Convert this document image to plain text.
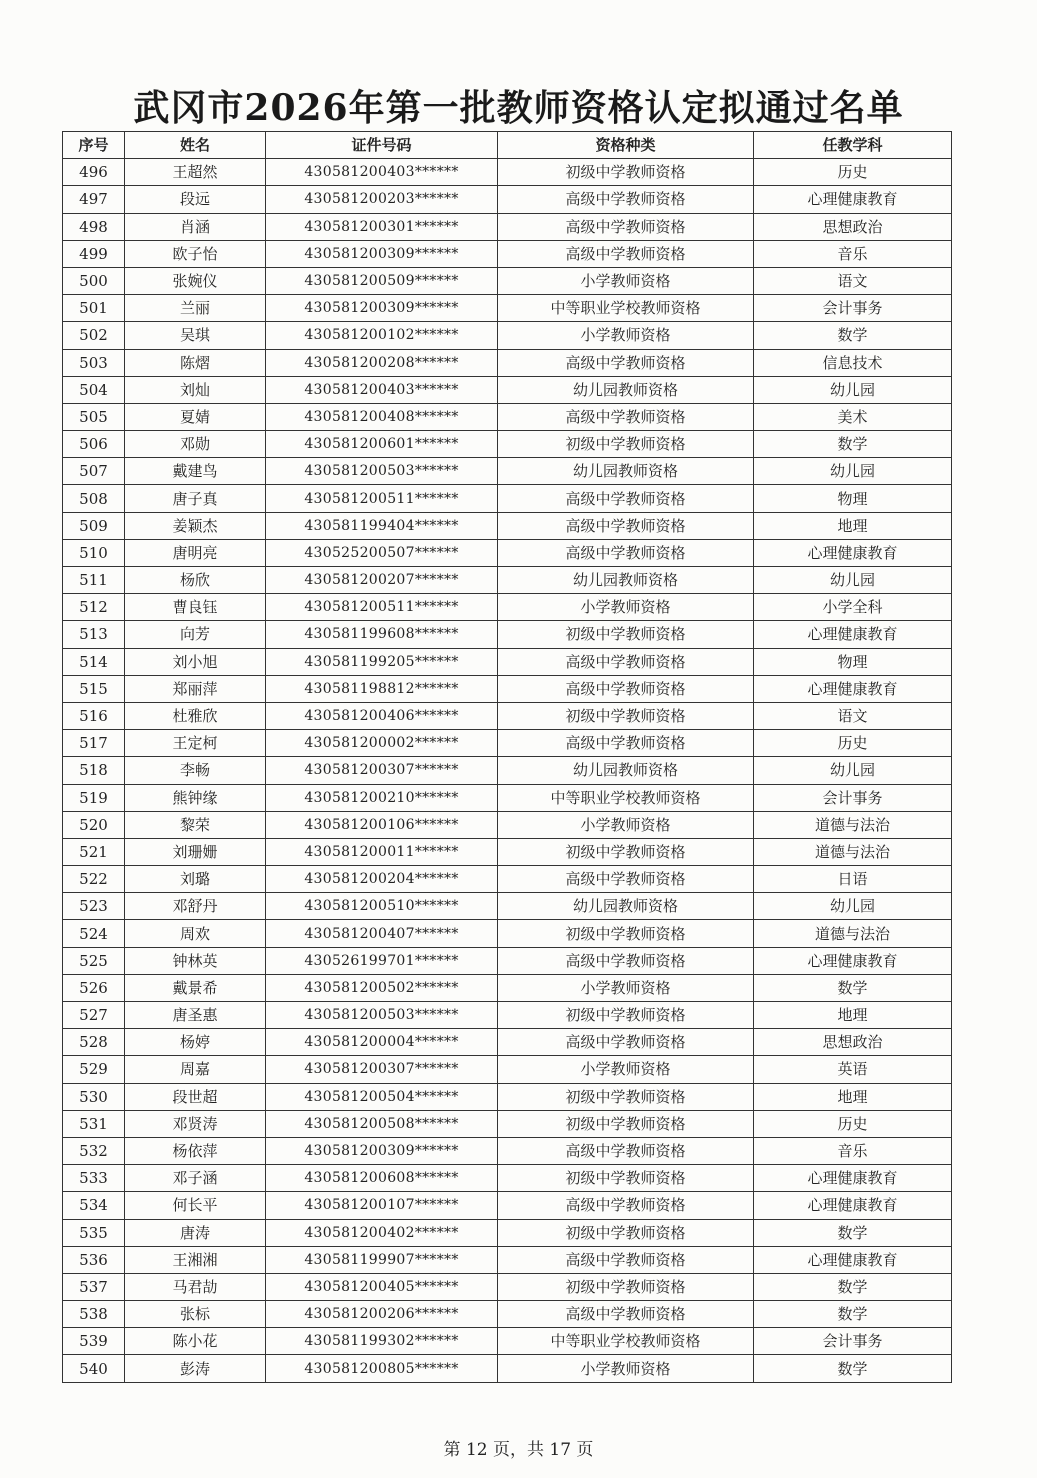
武冈市2026年第一批教师资格认定拟通过名单
序号	姓名	证件号码	资格种类	任教学科
496	王超然	430581200403******	初级中学教师资格	历史
497	段远	430581200203******	高级中学教师资格	心理健康教育
498	肖涵	430581200301******	高级中学教师资格	思想政治
499	欧子怡	430581200309******	高级中学教师资格	音乐
500	张婉仪	430581200509******	小学教师资格	语文
501	兰丽	430581200309******	中等职业学校教师资格	会计事务
502	吴琪	430581200102******	小学教师资格	数学
503	陈熠	430581200208******	高级中学教师资格	信息技术
504	刘灿	430581200403******	幼儿园教师资格	幼儿园
505	夏婧	430581200408******	高级中学教师资格	美术
506	邓勋	430581200601******	初级中学教师资格	数学
507	戴建鸟	430581200503******	幼儿园教师资格	幼儿园
508	唐子真	430581200511******	高级中学教师资格	物理
509	姜颖杰	430581199404******	高级中学教师资格	地理
510	唐明亮	430525200507******	高级中学教师资格	心理健康教育
511	杨欣	430581200207******	幼儿园教师资格	幼儿园
512	曹良钰	430581200511******	小学教师资格	小学全科
513	向芳	430581199608******	初级中学教师资格	心理健康教育
514	刘小旭	430581199205******	高级中学教师资格	物理
515	郑丽萍	430581198812******	高级中学教师资格	心理健康教育
516	杜雅欣	430581200406******	初级中学教师资格	语文
517	王定柯	430581200002******	高级中学教师资格	历史
518	李畅	430581200307******	幼儿园教师资格	幼儿园
519	熊钟缘	430581200210******	中等职业学校教师资格	会计事务
520	黎荣	430581200106******	小学教师资格	道德与法治
521	刘珊姗	430581200011******	初级中学教师资格	道德与法治
522	刘璐	430581200204******	高级中学教师资格	日语
523	邓舒丹	430581200510******	幼儿园教师资格	幼儿园
524	周欢	430581200407******	初级中学教师资格	道德与法治
525	钟林英	430526199701******	高级中学教师资格	心理健康教育
526	戴景希	430581200502******	小学教师资格	数学
527	唐圣惠	430581200503******	初级中学教师资格	地理
528	杨婷	430581200004******	高级中学教师资格	思想政治
529	周嘉	430581200307******	小学教师资格	英语
530	段世超	430581200504******	初级中学教师资格	地理
531	邓贤涛	430581200508******	初级中学教师资格	历史
532	杨依萍	430581200309******	高级中学教师资格	音乐
533	邓子涵	430581200608******	初级中学教师资格	心理健康教育
534	何长平	430581200107******	高级中学教师资格	心理健康教育
535	唐涛	430581200402******	初级中学教师资格	数学
536	王湘湘	430581199907******	高级中学教师资格	心理健康教育
537	马君劼	430581200405******	初级中学教师资格	数学
538	张标	430581200206******	高级中学教师资格	数学
539	陈小花	430581199302******	中等职业学校教师资格	会计事务
540	彭涛	430581200805******	小学教师资格	数学
第 12 页，共 17 页
